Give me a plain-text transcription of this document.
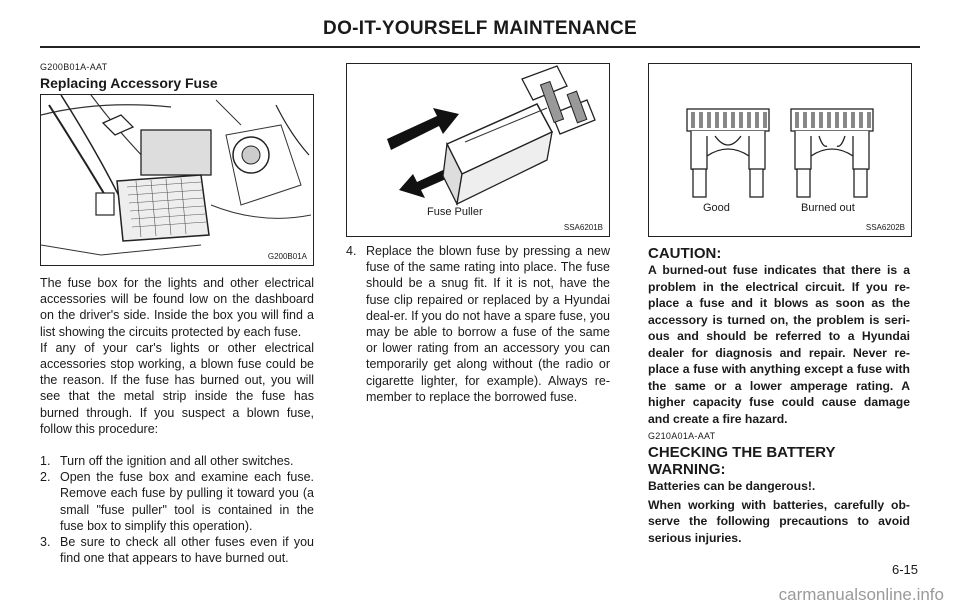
DO-IT-YOURSELF MAINTENANCE
G200B01A-AAT
Replacing Accessory Fuse
G200B01A
The fuse box for the lights and other electrical accessories will be found low on the dashboard on the driver's side. Inside the box you will find a list showing the circuits protected by each fuse.
If any of your car's lights or other electrical accessories stop working, a blown fuse could be the reason. If the fuse has burned out, you will see that the metal strip inside the fuse has burned through. If you suspect a blown fuse, follow this procedure:
1. Turn off the ignition and all other switches.
2. Open the fuse box and examine each fuse. Remove each fuse by pulling it toward you (a small "fuse puller" tool is contained in the fuse box to simplify this operation).
3. Be sure to check all other fuses even if you find one that appears to have burned out.
Fuse Puller
SSA6201B
4. Replace the blown fuse by pressing a new fuse of the same rating into place. The fuse should be a snug fit. If it is not, have the fuse clip repaired or replaced by a Hyundai deal-er. If you do not have a spare fuse, you may be able to borrow a fuse of the same or lower rating from an accessory you can temporarily get along without (the radio or cigarette lighter, for example). Always re-member to replace the borrowed fuse.
Good	Burned out
SSA6202B
CAUTION:
A burned-out fuse indicates that there is a problem in the electrical circuit. If you re-place a fuse and it blows as soon as the accessory is turned on, the problem is seri-ous and should be referred to a Hyundai dealer for diagnosis and repair. Never re-place a fuse with anything except a fuse with the same or a lower amperage rating. A higher capacity fuse could cause damage and create a fire hazard.
G210A01A-AAT
CHECKING THE BATTERY
WARNING:
Batteries can be dangerous!.
When working with batteries, carefully ob-serve the following precautions to avoid serious injuries.
6-15
carmanualsonline.info
